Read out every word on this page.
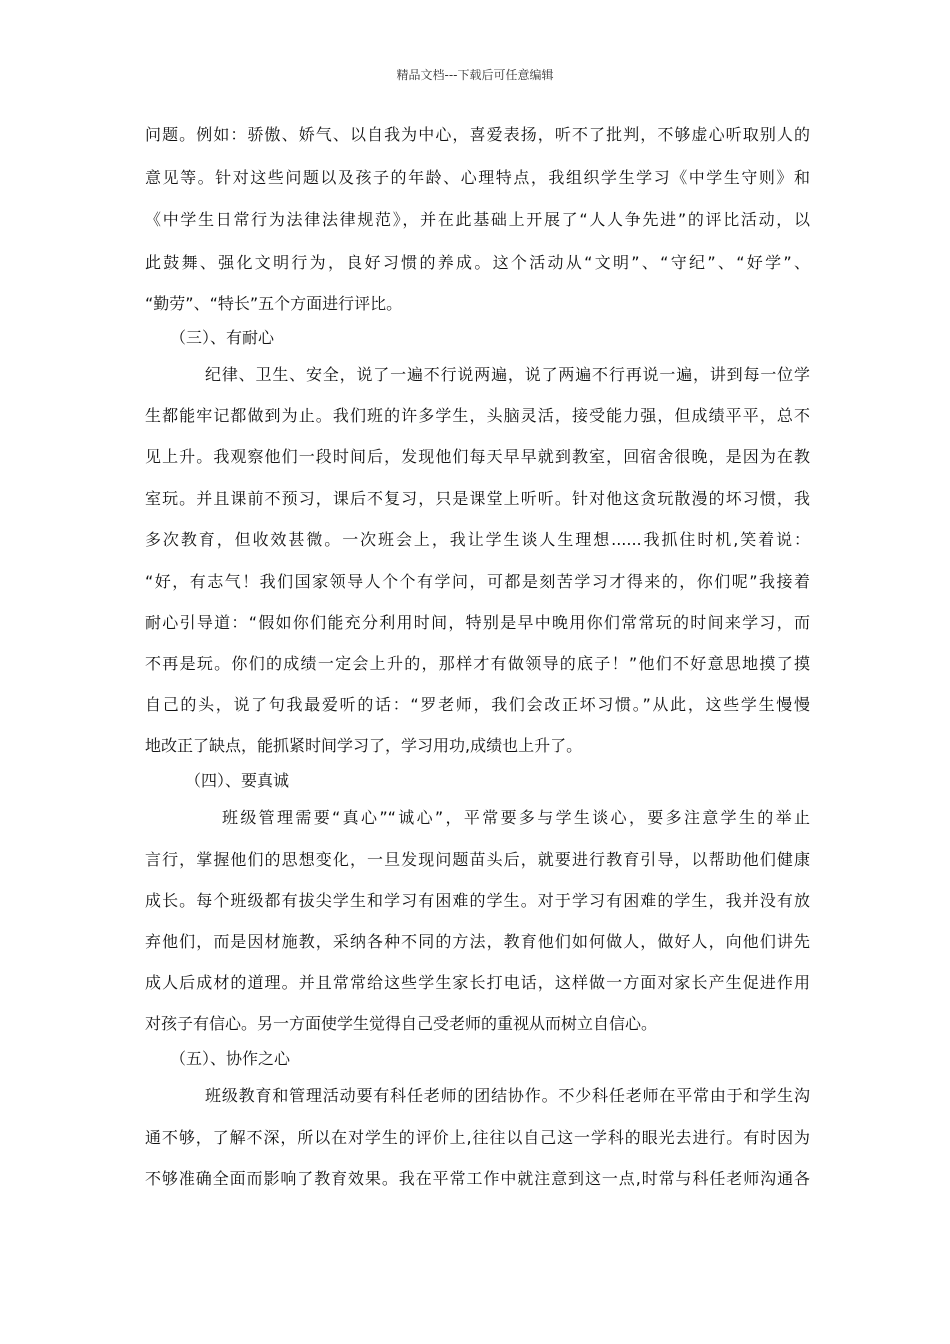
精品文档---下载后可任意编辑
问题。例如：骄傲、娇气、以自我为中心，喜爱表扬，听不了批判，不够虚心听取别人的
意见等。针对这些问题以及孩子的年龄、心理特点，我组织学生学习《中学生守则》和
《中学生日常行为法律法律规范》，并在此基础上开展了“人人争先进”的评比活动，以
此鼓舞、强化文明行为，良好习惯的养成。这个活动从“文明”、“守纪”、“好学”、
“勤劳”、“特长”五个方面进行评比。
（三）、有耐心
纪律、卫生、安全，说了一遍不行说两遍，说了两遍不行再说一遍，讲到每一位学
生都能牢记都做到为止。我们班的许多学生，头脑灵活，接受能力强，但成绩平平，总不
见上升。我观察他们一段时间后，发现他们每天早早就到教室，回宿舍很晚，是因为在教
室玩。并且课前不预习，课后不复习，只是课堂上听听。针对他这贪玩散漫的坏习惯，我
多次教育，但收效甚微。一次班会上，我让学生谈人生理想......我抓住时机,笑着说：
“好，有志气！我们国家领导人个个有学问，可都是刻苦学习才得来的，你们呢”我接着
耐心引导道：“假如你们能充分利用时间，特别是早中晚用你们常常玩的时间来学习，而
不再是玩。你们的成绩一定会上升的，那样才有做领导的底子！”他们不好意思地摸了摸
自己的头，说了句我最爱听的话：“罗老师，我们会改正坏习惯。”从此，这些学生慢慢
地改正了缺点，能抓紧时间学习了，学习用功,成绩也上升了。
（四）、要真诚
班级管理需要“真心”“诚心”，平常要多与学生谈心，要多注意学生的举止
言行，掌握他们的思想变化，一旦发现问题苗头后，就要进行教育引导，以帮助他们健康
成长。每个班级都有拔尖学生和学习有困难的学生。对于学习有困难的学生，我并没有放
弃他们，而是因材施教，采纳各种不同的方法，教育他们如何做人，做好人，向他们讲先
成人后成材的道理。并且常常给这些学生家长打电话，这样做一方面对家长产生促进作用
对孩子有信心。另一方面使学生觉得自己受老师的重视从而树立自信心。
（五）、协作之心
班级教育和管理活动要有科任老师的团结协作。不少科任老师在平常由于和学生沟
通不够，了解不深，所以在对学生的评价上,往往以自己这一学科的眼光去进行。有时因为
不够准确全面而影响了教育效果。我在平常工作中就注意到这一点,时常与科任老师沟通各
